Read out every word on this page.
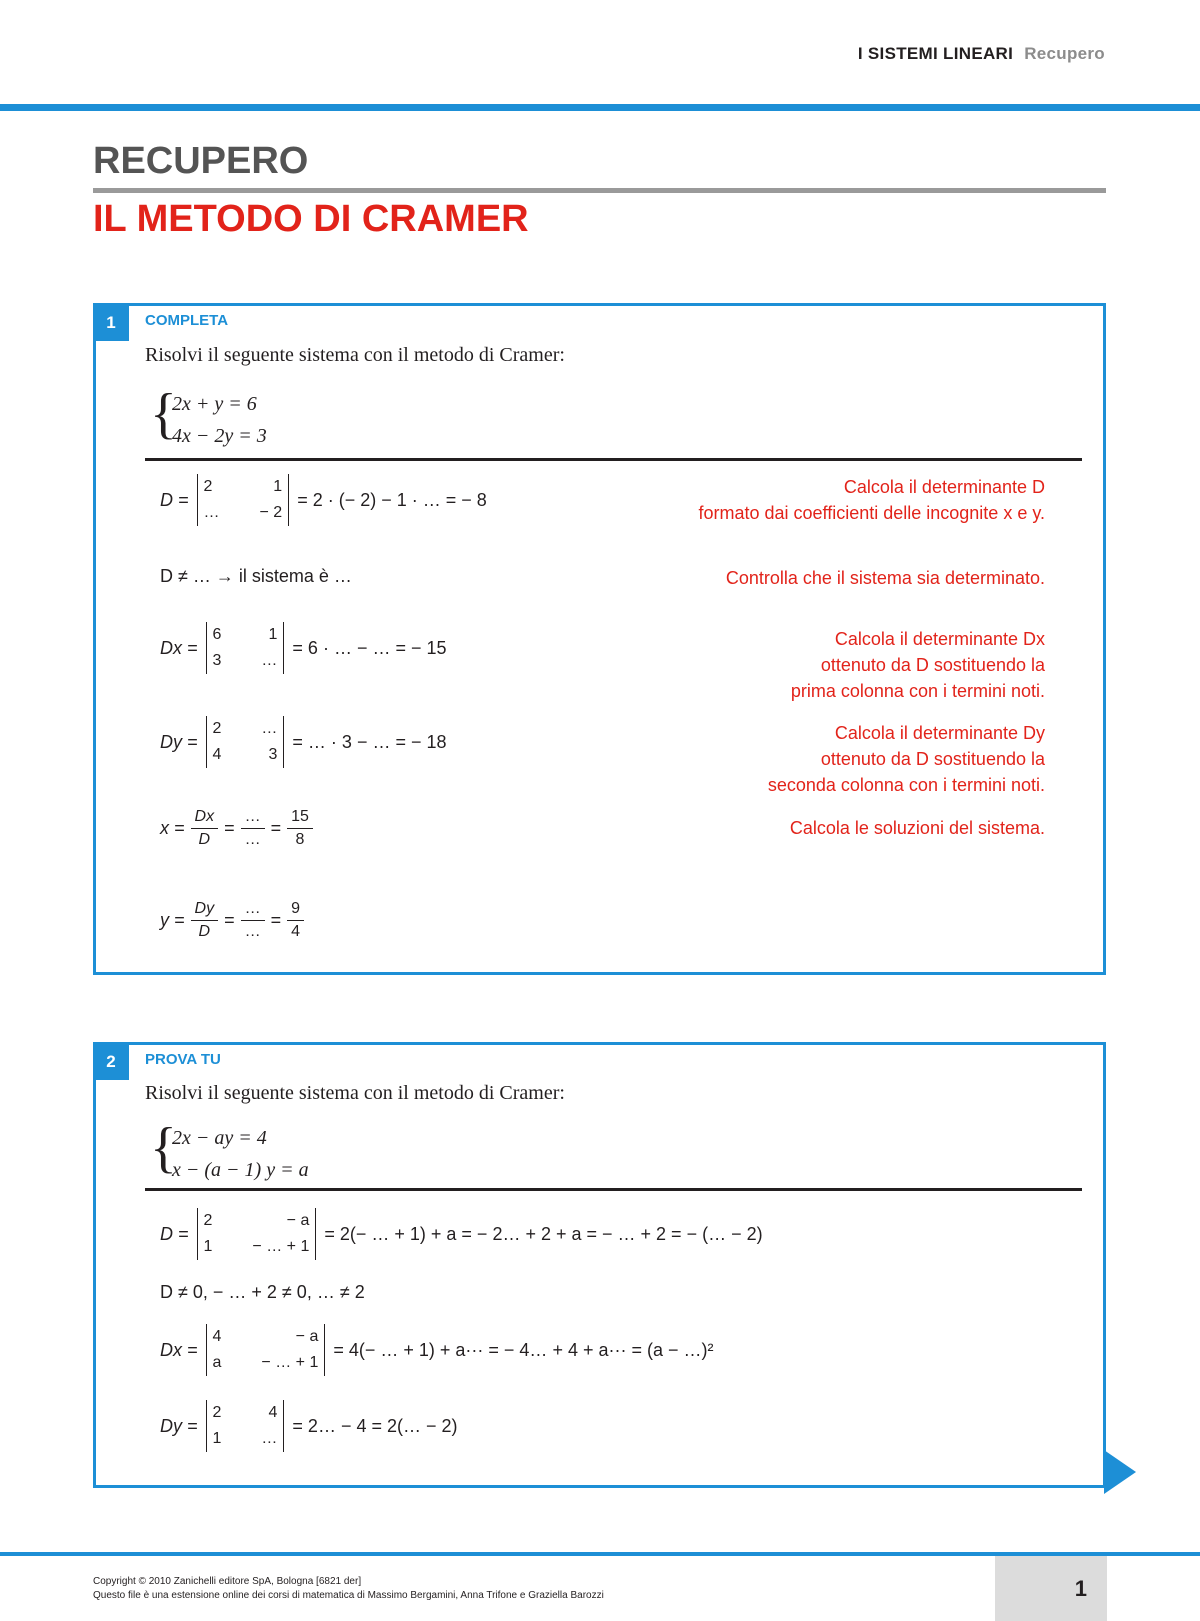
I SISTEMI LINEARI Recupero
RECUPERO
IL METODO DI CRAMER
1	COMPLETA
Risolvi il seguente sistema con il metodo di Cramer:
{
2x + y = 6
4x − 2y = 3
D =
2	1
…	− 2
= 2 · (− 2) − 1 · … = − 8
Calcola il determinante D
formato dai coefficienti delle incognite x e y.
D ≠ … → il sistema è …	Controlla che il sistema sia determinato.
Dx =
6	1
3	…
= 6 · … − … = − 15	Calcola il determinante Dx
ottenuto da D sostituendo la
prima colonna con i termini noti.
Dy =
2	…
4	3
= … · 3 − … = − 18	Calcola il determinante Dy
ottenuto da D sostituendo la
seconda colonna con i termini noti.
$x = \frac{Dx}{D} = \frac{\dots}{\dots} = \frac{15}{8}$	Calcola le soluzioni del sistema.
$y = \frac{Dy}{D} = \frac{\dots}{\dots} = \frac{9}{4}$
2	PROVA TU
Risolvi il seguente sistema con il metodo di Cramer:
{
2x − ay = 4
x − (a − 1) y = a
D =
2	− a
1	− … + 1
= 2(− … + 1) + a = − 2… + 2 + a = − … + 2 = − (… − 2)
D ≠ 0, − … + 2 ≠ 0, … ≠ 2
Dx =
4	− a
a	− … + 1
= 4(− … + 1) + a··· = − 4… + 4 + a··· = (a − …)²
Dy =
2	4
1	…
= 2… − 4 = 2(… − 2)
Copyright © 2010 Zanichelli editore SpA, Bologna [6821 der]
Questo file è una estensione online dei corsi di matematica di Massimo Bergamini, Anna Trifone e Graziella Barozzi	1
